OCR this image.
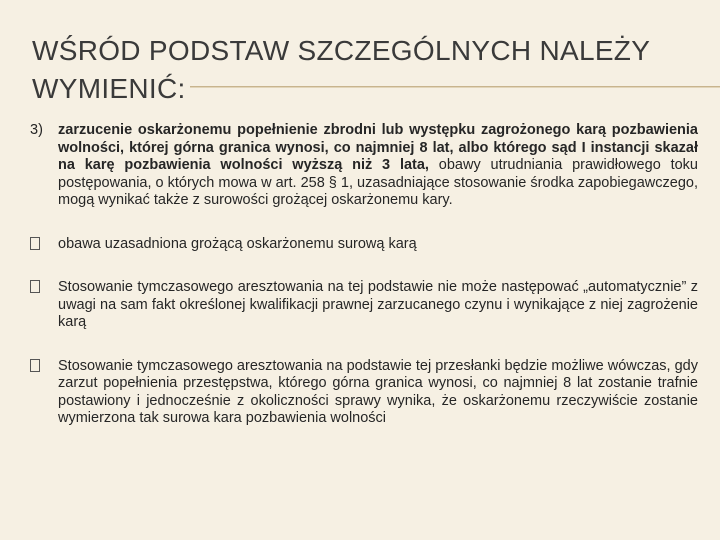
WŚRÓD PODSTAW SZCZEGÓLNYCH NALEŻY WYMIENIĆ:

3) zarzucenie oskarżonemu popełnienie zbrodni lub występku zagrożonego karą pozbawienia wolności, której górna granica wynosi, co najmniej 8 lat, albo którego sąd I instancji skazał na karę pozbawienia wolności wyższą niż 3 lata, obawy utrudniania prawidłowego toku postępowania, o których mowa w art. 258 § 1, uzasadniające stosowanie środka zapobiegawczego, mogą wynikać także z surowości grożącej oskarżonemu kary.

obawa uzasadniona grożącą oskarżonemu surową karą
Stosowanie tymczasowego aresztowania na tej podstawie nie może następować „automatycznie” z uwagi na sam fakt określonej kwalifikacji prawnej zarzucanego czynu i wynikające z niej zagrożenie karą
Stosowanie tymczasowego aresztowania na podstawie tej przesłanki będzie możliwe wówczas, gdy zarzut popełnienia przestępstwa, którego górna granica wynosi, co najmniej 8 lat zostanie trafnie postawiony i jednocześnie z okoliczności sprawy wynika, że oskarżonemu rzeczywiście zostanie wymierzona tak surowa kara pozbawienia wolności
